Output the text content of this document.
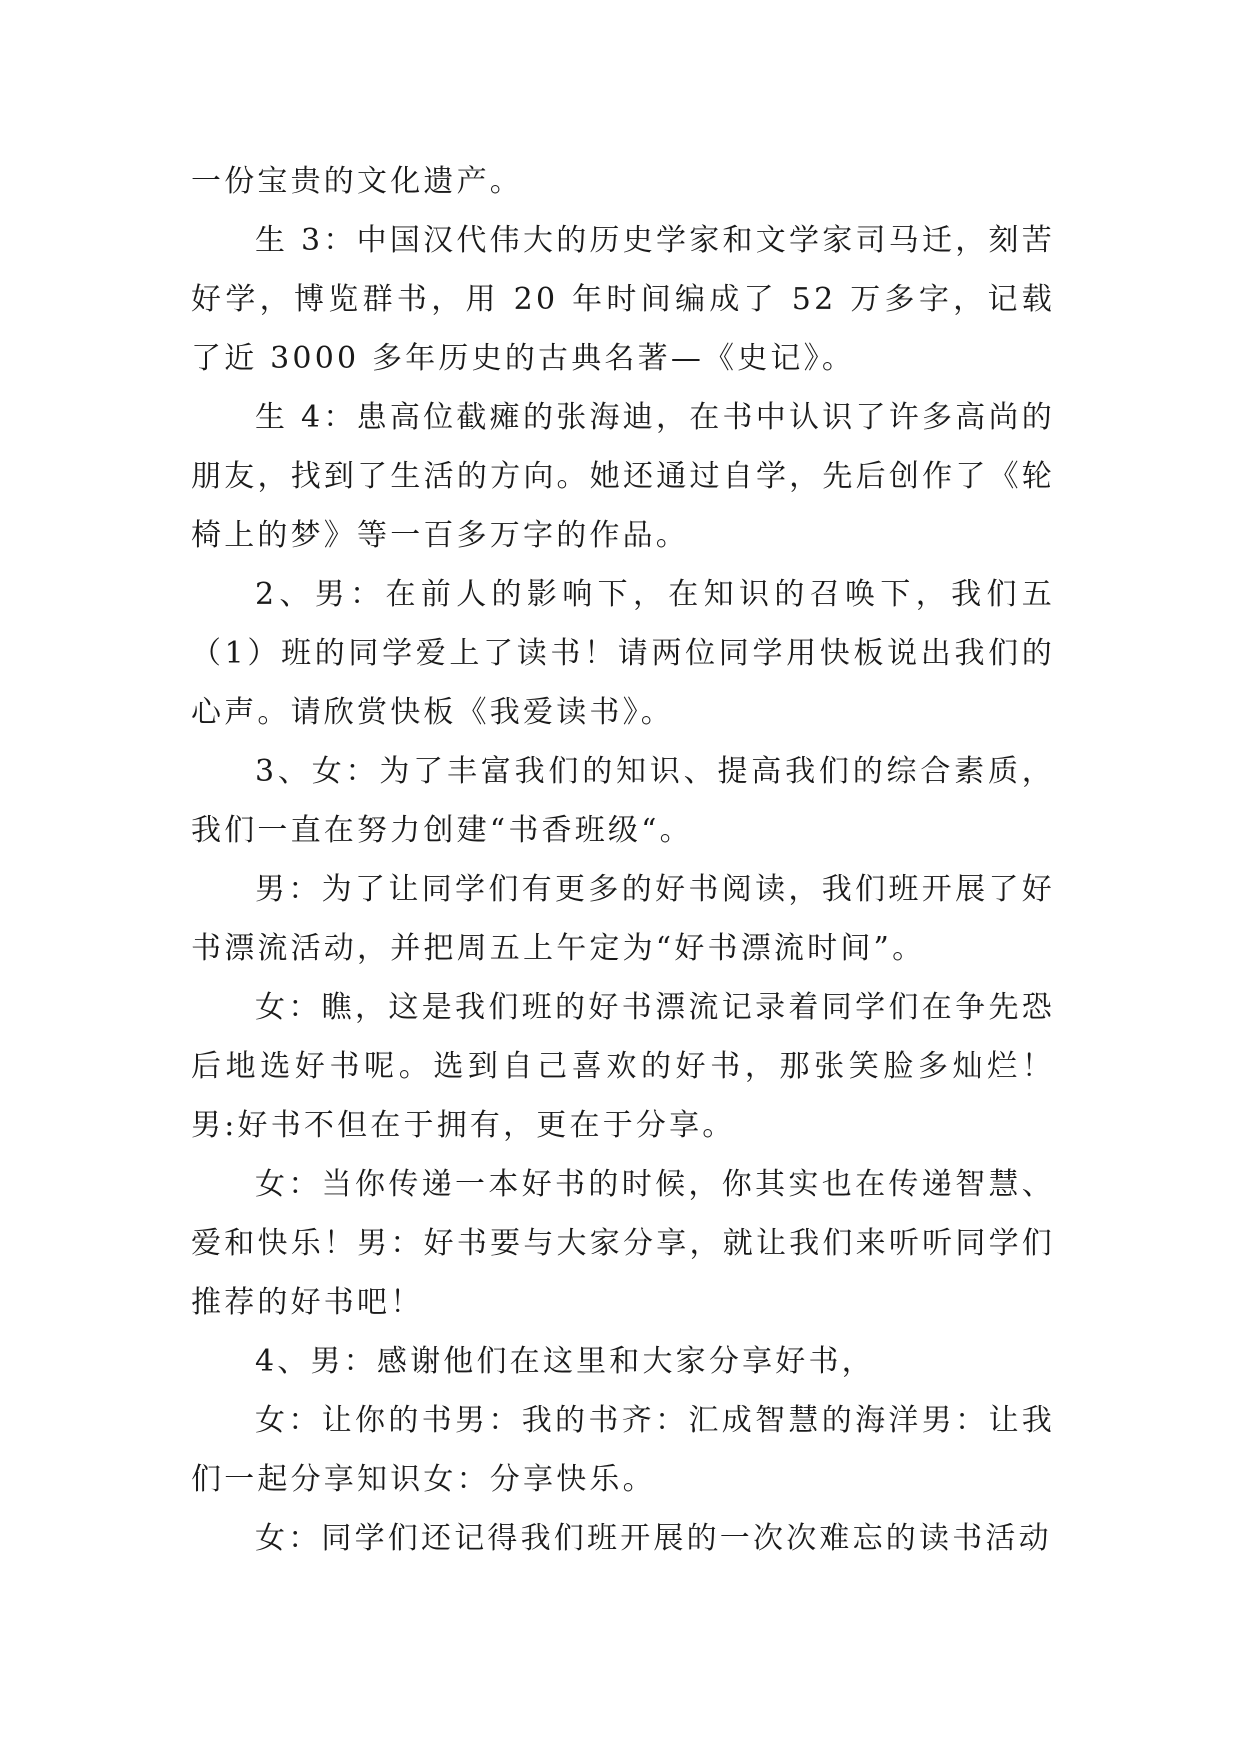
一份宝贵的文化遗产。

生 3：中国汉代伟大的历史学家和文学家司马迁，刻苦好学，博览群书，用 20 年时间编成了 52 万多字，记载了近 3000 多年历史的古典名著—《史记》。

生 4：患高位截瘫的张海迪，在书中认识了许多高尚的朋友，找到了生活的方向。她还通过自学，先后创作了《轮椅上的梦》等一百多万字的作品。

2、男：在前人的影响下，在知识的召唤下，我们五（1）班的同学爱上了读书！请两位同学用快板说出我们的心声。请欣赏快板《我爱读书》。

3、女：为了丰富我们的知识、提高我们的综合素质，我们一直在努力创建“书香班级“。

男：为了让同学们有更多的好书阅读，我们班开展了好书漂流活动，并把周五上午定为“好书漂流时间”。

女：瞧，这是我们班的好书漂流记录着同学们在争先恐后地选好书呢。选到自己喜欢的好书，那张笑脸多灿烂！男:好书不但在于拥有，更在于分享。

女：当你传递一本好书的时候，你其实也在传递智慧、爱和快乐！男：好书要与大家分享，就让我们来听听同学们推荐的好书吧！

4、男：感谢他们在这里和大家分享好书，

女：让你的书男：我的书齐：汇成智慧的海洋男：让我们一起分享知识女：分享快乐。

女：同学们还记得我们班开展的一次次难忘的读书活动
